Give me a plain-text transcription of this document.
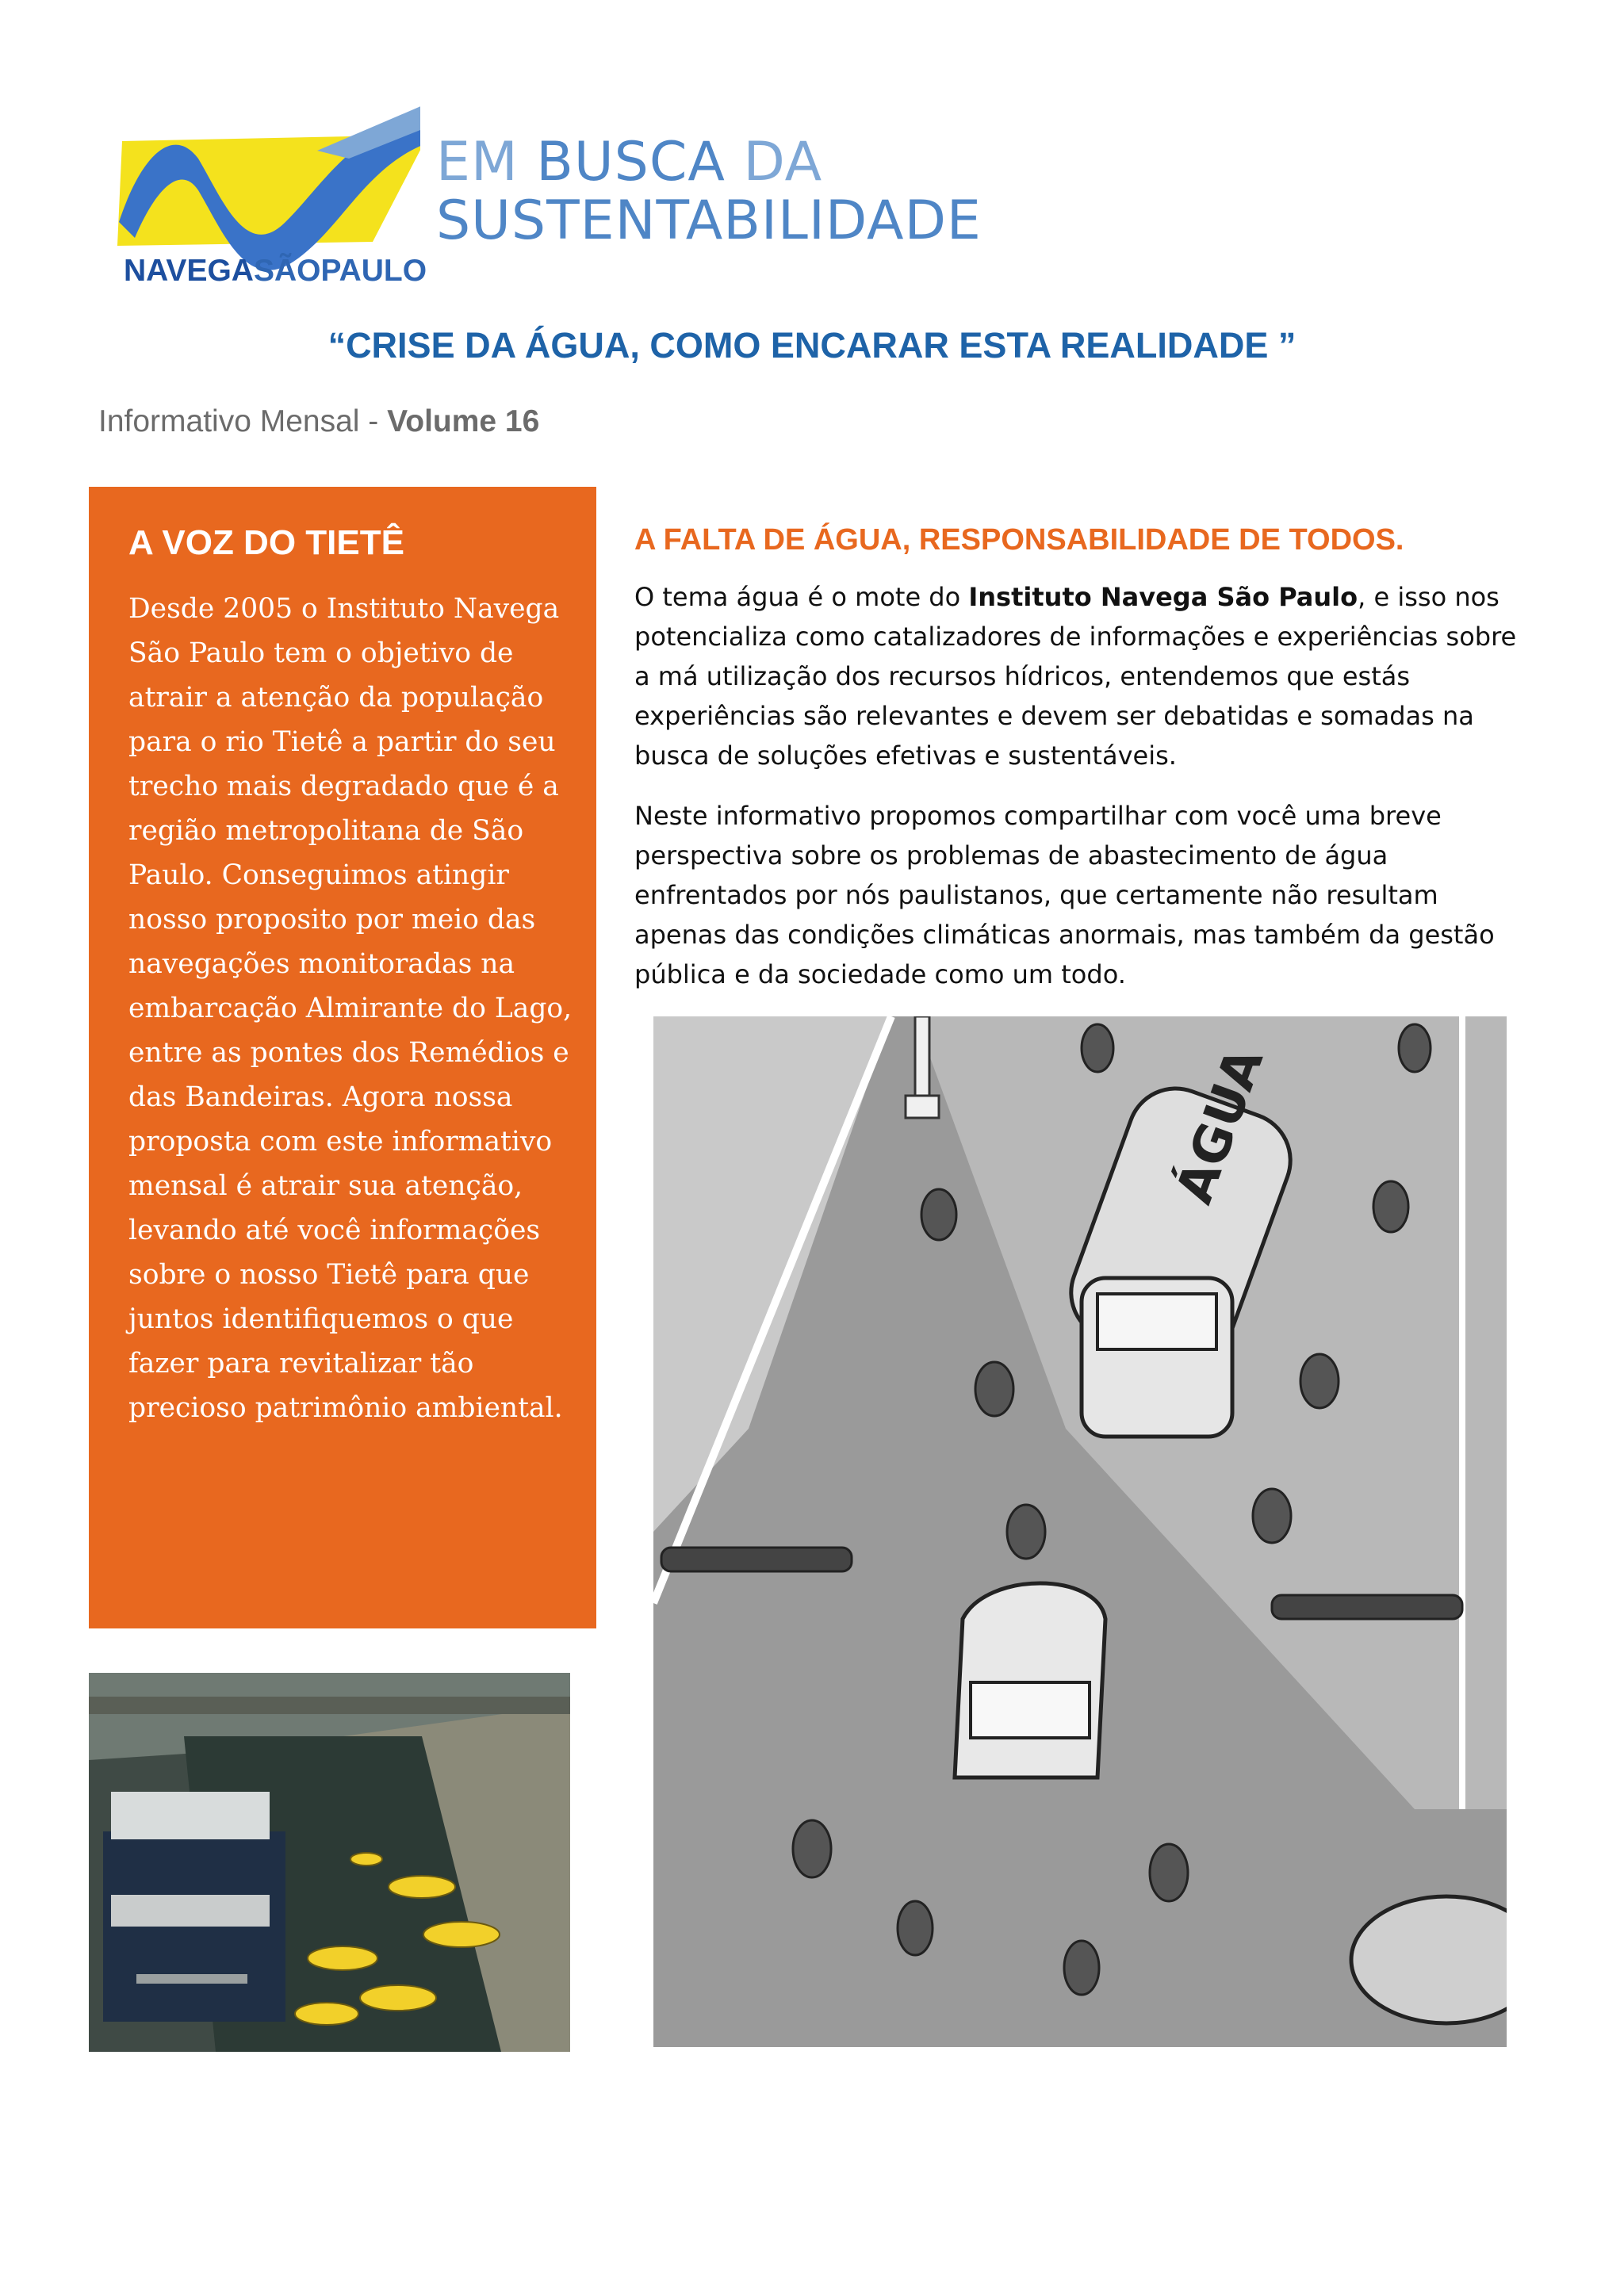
NAVEGASÃOPAULO
EM BUSCA DA
SUSTENTABILIDADE
“CRISE DA ÁGUA, COMO ENCARAR ESTA REALIDADE ”
Informativo Mensal - Volume 16
A VOZ DO TIETÊ
Desde 2005 o Instituto Navega São Paulo tem o objetivo de atrair a atenção da população para o rio Tietê a partir do seu trecho mais degradado que é a região metropolitana de São Paulo. Conseguimos atingir nosso proposito por meio das navegações monitoradas na embarcação Almirante do Lago, entre as pontes dos Remédios e das Bandeiras. Agora nossa proposta com este informativo mensal é atrair sua atenção, levando até você informações sobre o nosso Tietê para que juntos identifiquemos o que fazer para revitalizar tão precioso patrimônio ambiental.
A FALTA DE ÁGUA, RESPONSABILIDADE DE TODOS.
O tema água é o mote do Instituto Navega São Paulo, e isso nos potencializa como catalizadores de informações e experiências sobre a má utilização dos recursos hídricos, entendemos que estás experiências são relevantes e devem ser debatidas e somadas na busca de soluções efetivas e sustentáveis.
Neste informativo propomos compartilhar com você uma breve perspectiva sobre os problemas de abastecimento de água enfrentados por nós paulistanos, que certamente não resultam apenas das condições climáticas anormais, mas também da gestão pública e da sociedade como um todo.
ÁGUA
